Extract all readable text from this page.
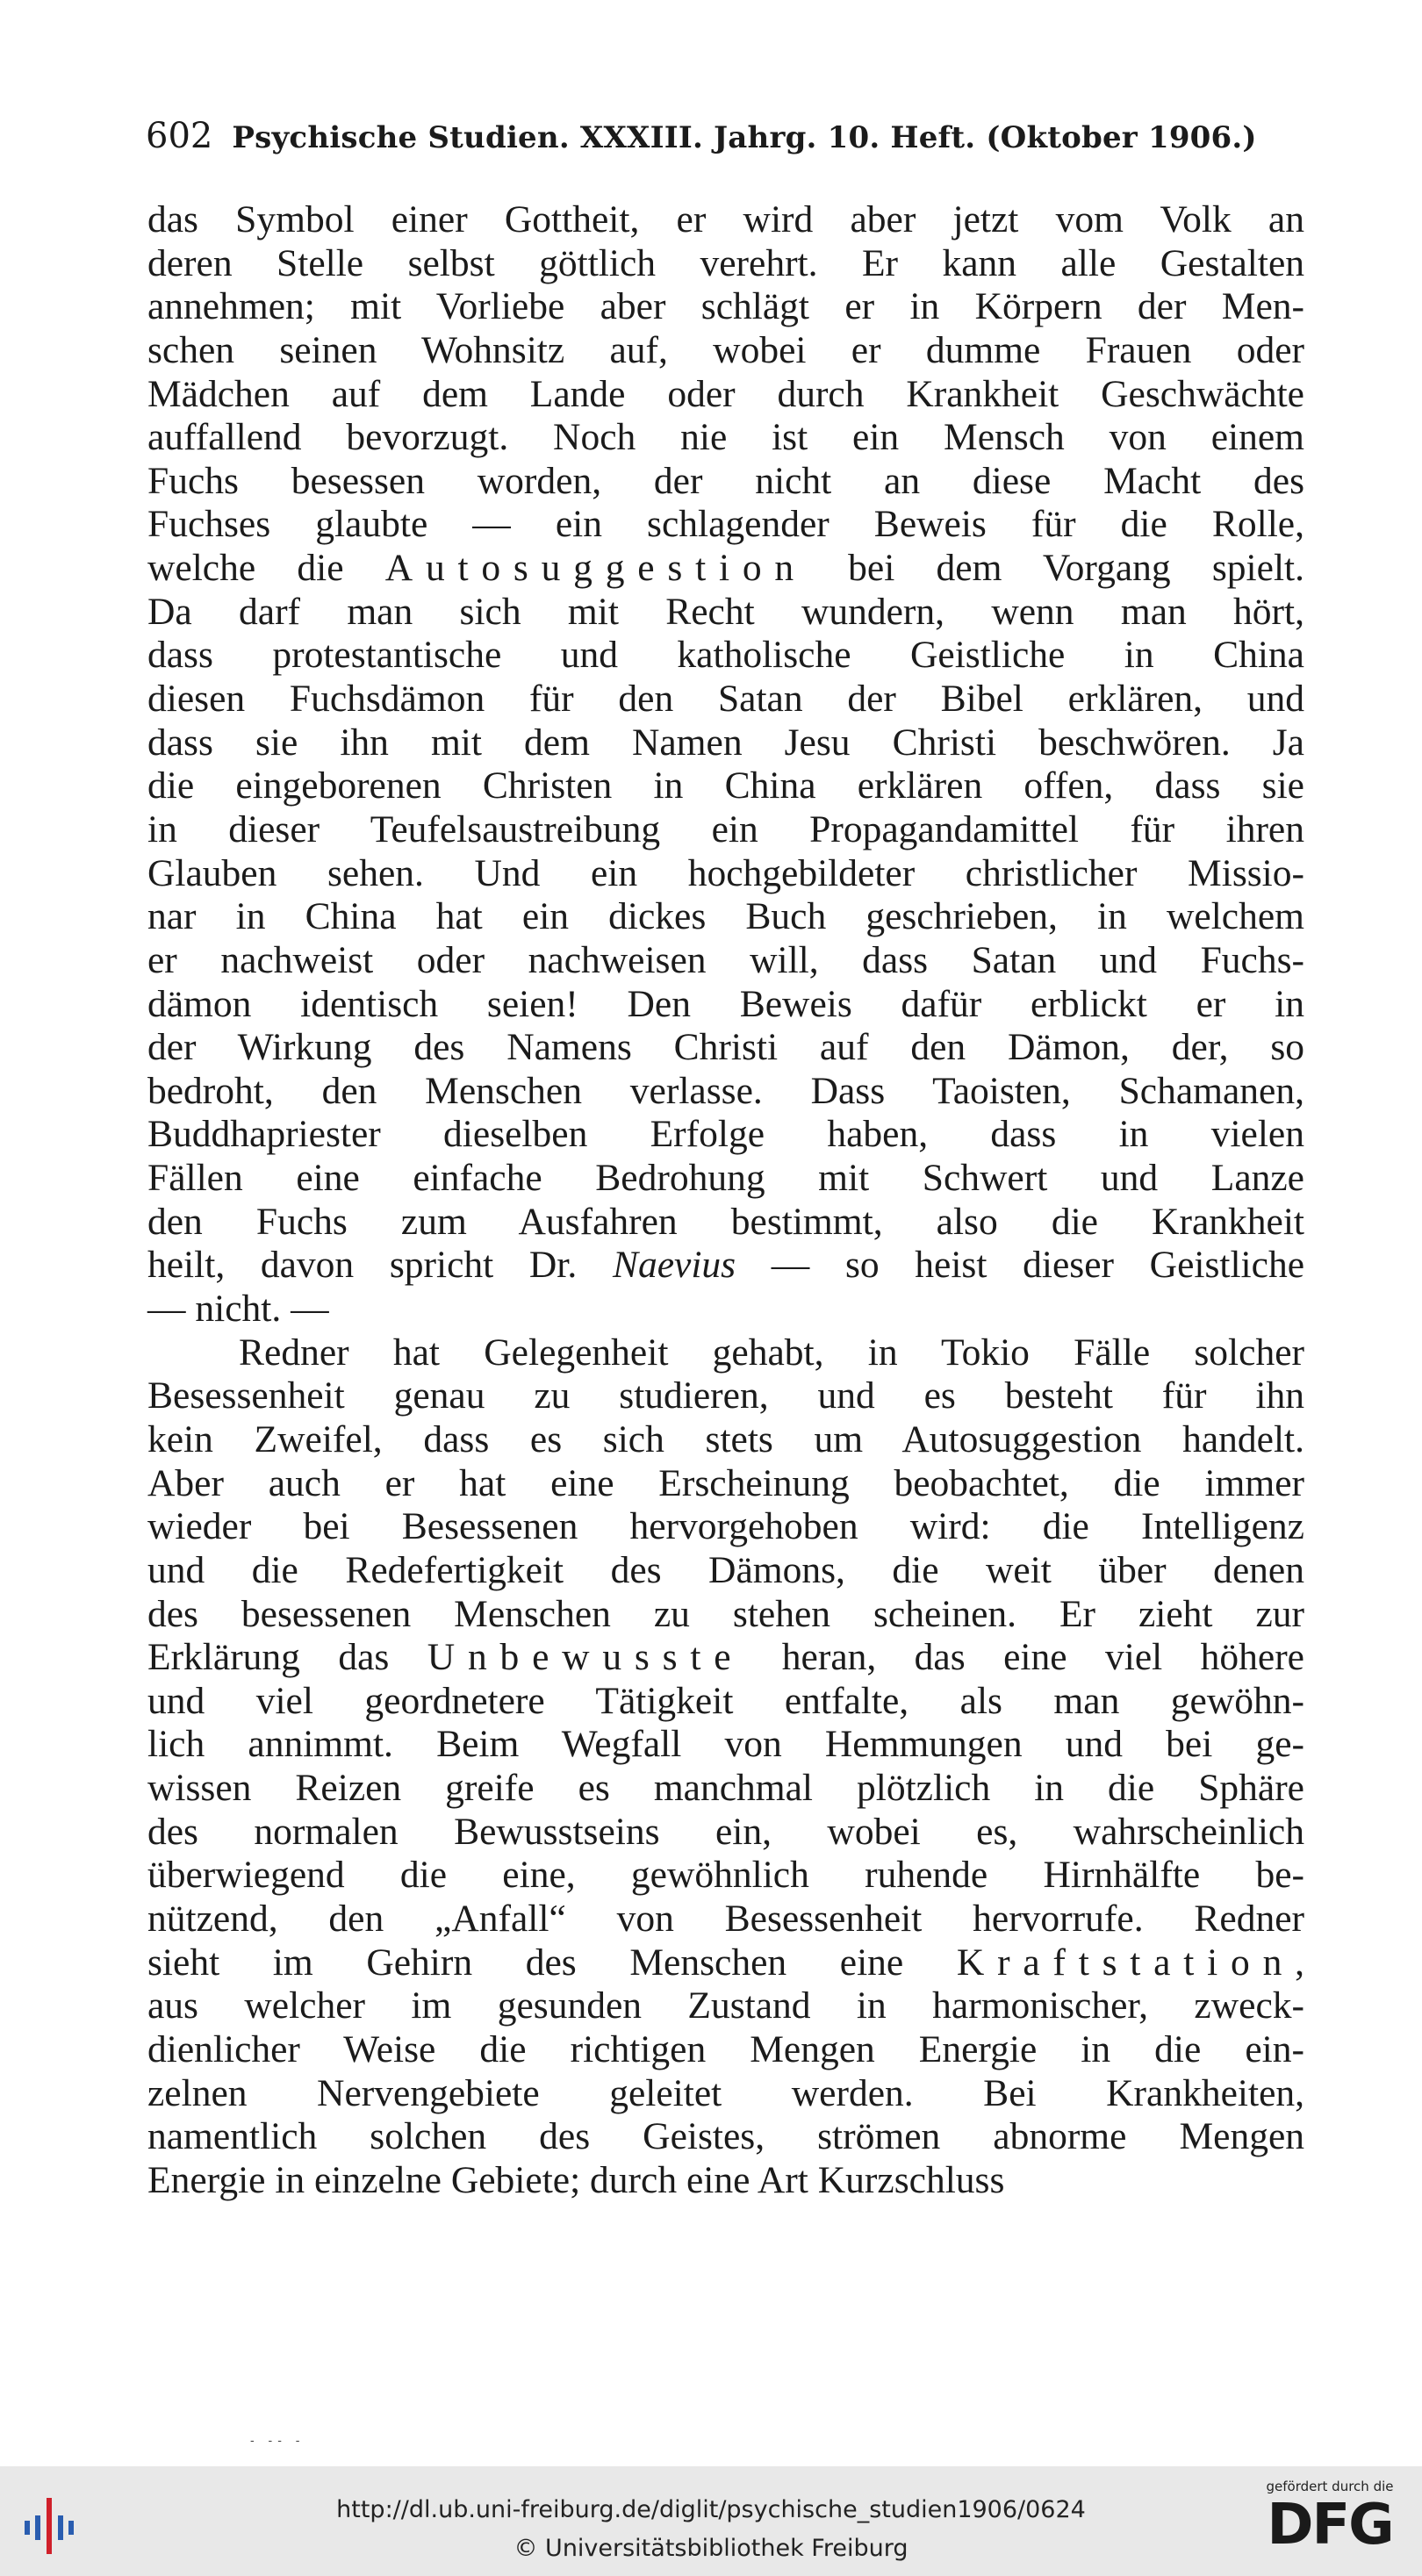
602 Psychische Studien. XXXIII. Jahrg. 10. Heft. (Oktober 1906.)
das Symbol einer Gottheit, er wird aber jetzt vom Volk an
deren Stelle selbst göttlich verehrt. Er kann alle Gestalten
annehmen; mit Vorliebe aber schlägt er in Körpern der Men-
schen seinen Wohnsitz auf, wobei er dumme Frauen oder
Mädchen auf dem Lande oder durch Krankheit Geschwächte
auffallend bevorzugt. Noch nie ist ein Mensch von einem
Fuchs besessen worden, der nicht an diese Macht des
Fuchses glaubte — ein schlagender Beweis für die Rolle,
welche die Autosuggestion bei dem Vorgang spielt.
Da darf man sich mit Recht wundern, wenn man hört,
dass protestantische und katholische Geistliche in China
diesen Fuchsdämon für den Satan der Bibel erklären, und
dass sie ihn mit dem Namen Jesu Christi beschwören. Ja
die eingeborenen Christen in China erklären offen, dass sie
in dieser Teufelsaustreibung ein Propagandamittel für ihren
Glauben sehen. Und ein hochgebildeter christlicher Missio-
nar in China hat ein dickes Buch geschrieben, in welchem
er nachweist oder nachweisen will, dass Satan und Fuchs-
dämon identisch seien! Den Beweis dafür erblickt er in
der Wirkung des Namens Christi auf den Dämon, der, so
bedroht, den Menschen verlasse. Dass Taoisten, Schamanen,
Buddhapriester dieselben Erfolge haben, dass in vielen
Fällen eine einfache Bedrohung mit Schwert und Lanze
den Fuchs zum Ausfahren bestimmt, also die Krankheit
heilt, davon spricht Dr. Naevius — so heist dieser Geistliche
— nicht. —
Redner hat Gelegenheit gehabt, in Tokio Fälle solcher
Besessenheit genau zu studieren, und es besteht für ihn
kein Zweifel, dass es sich stets um Autosuggestion handelt.
Aber auch er hat eine Erscheinung beobachtet, die immer
wieder bei Besessenen hervorgehoben wird: die Intelligenz
und die Redefertigkeit des Dämons, die weit über denen
des besessenen Menschen zu stehen scheinen. Er zieht zur
Erklärung das Unbewusste heran, das eine viel höhere
und viel geordnetere Tätigkeit entfalte, als man gewöhn-
lich annimmt. Beim Wegfall von Hemmungen und bei ge-
wissen Reizen greife es manchmal plötzlich in die Sphäre
des normalen Bewusstseins ein, wobei es, wahrscheinlich
überwiegend die eine, gewöhnlich ruhende Hirnhälfte be-
nützend, den „Anfall“ von Besessenheit hervorrufe. Redner
sieht im Gehirn des Menschen eine Kraftstation,
aus welcher im gesunden Zustand in harmonischer, zweck-
dienlicher Weise die richtigen Mengen Energie in die ein-
zelnen Nervengebiete geleitet werden. Bei Krankheiten,
namentlich solchen des Geistes, strömen abnorme Mengen
Energie in einzelne Gebiete; durch eine Art Kurzschluss
- -- -
http://dl.ub.uni-freiburg.de/diglit/psychische_studien1906/0624
© Universitätsbibliothek Freiburg
gefördert durch die
DFG
